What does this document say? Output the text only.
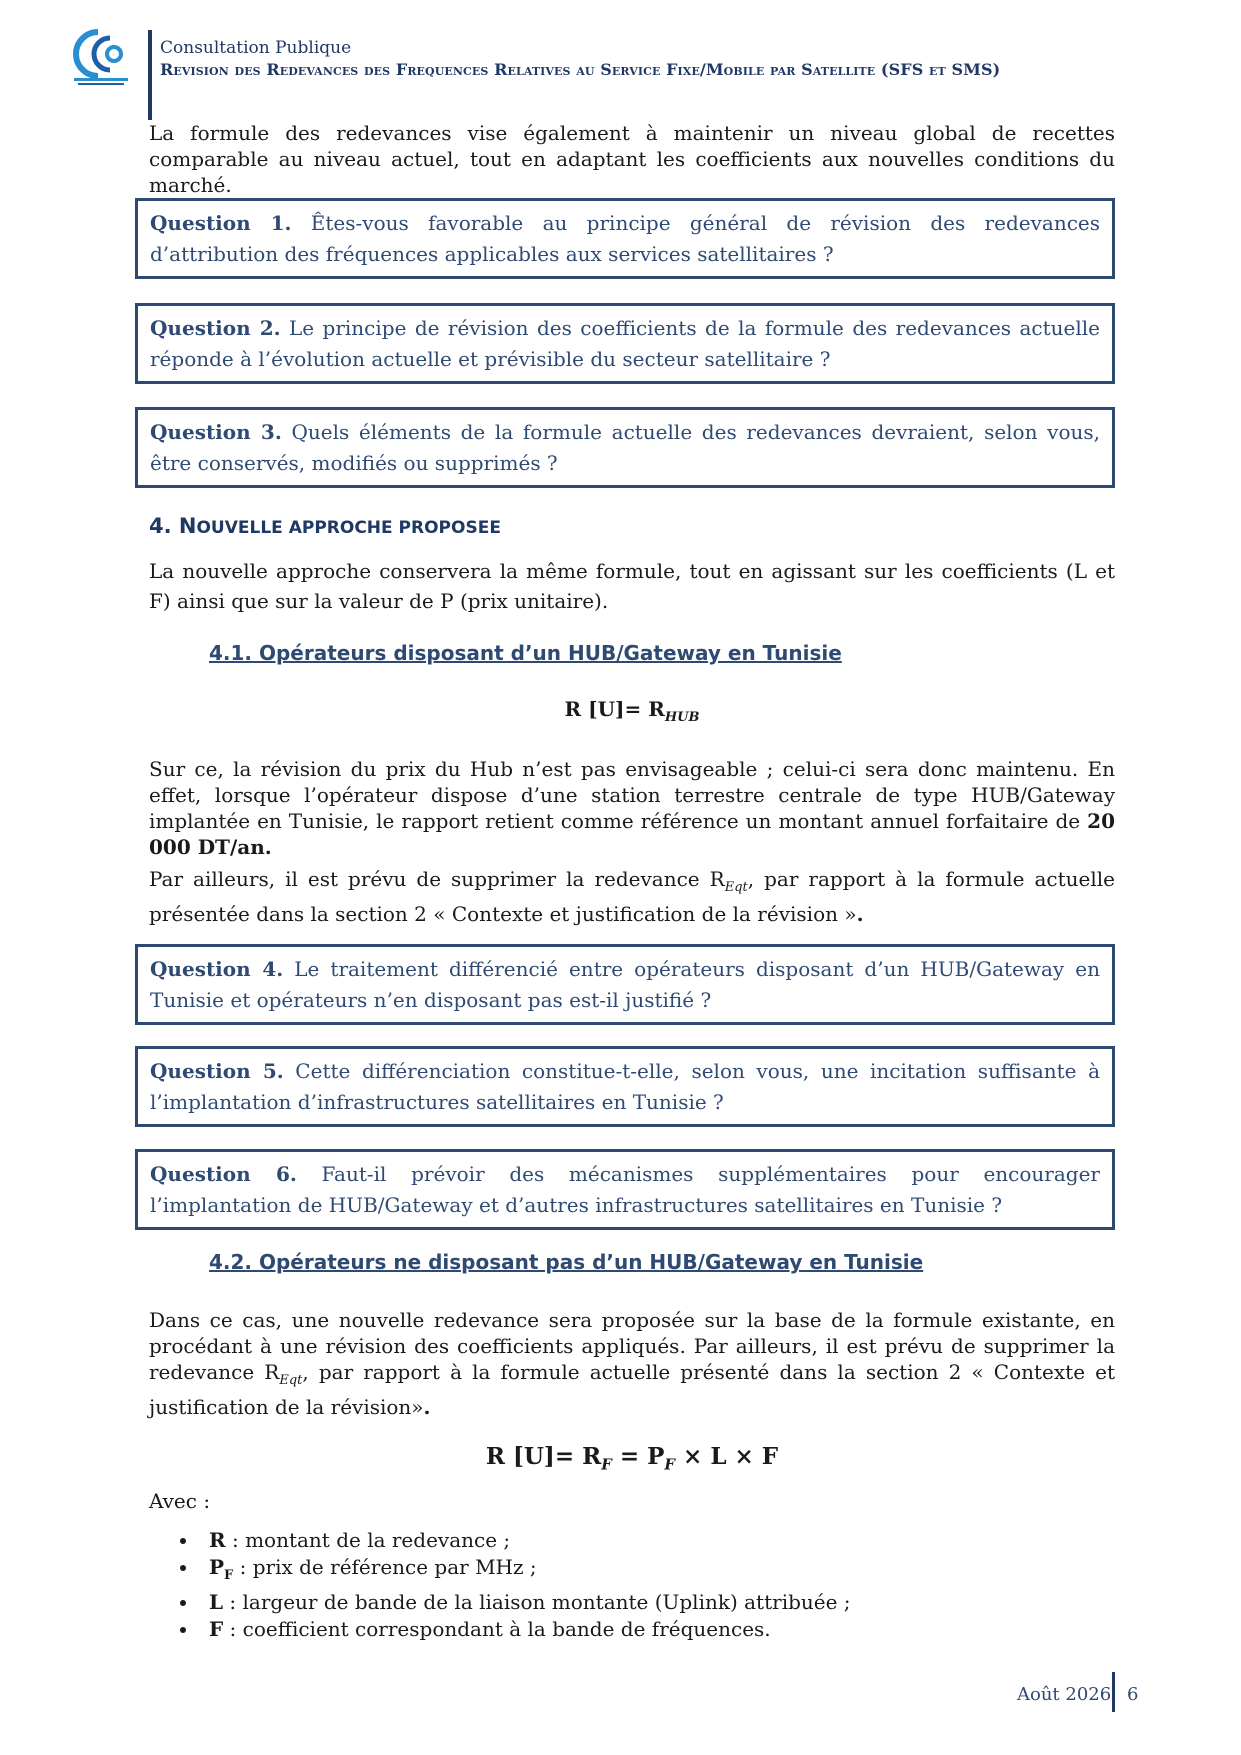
Consultation Publique
Revision des Redevances des Frequences Relatives au Service Fixe/Mobile par Satellite (SFS et SMS)
La formule des redevances vise également à maintenir un niveau global de recettes comparable au niveau actuel, tout en adaptant les coefficients aux nouvelles conditions du marché.
Question 1. Êtes-vous favorable au principe général de révision des redevances d’attribution des fréquences applicables aux services satellitaires ?
Question 2. Le principe de révision des coefficients de la formule des redevances actuelle réponde à l’évolution actuelle et prévisible du secteur satellitaire ?
Question 3. Quels éléments de la formule actuelle des redevances devraient, selon vous, être conservés, modifiés ou supprimés ?
4. NOUVELLE APPROCHE PROPOSEE
La nouvelle approche conservera la même formule, tout en agissant sur les coefficients (L et F) ainsi que sur la valeur de P (prix unitaire).
4.1. Opérateurs disposant d’un HUB/Gateway en Tunisie
R $[U]= R_{HUB}$
Sur ce, la révision du prix du Hub n’est pas envisageable ; celui-ci sera donc maintenu. En effet, lorsque l’opérateur dispose d’une station terrestre centrale de type HUB/Gateway implantée en Tunisie, le rapport retient comme référence un montant annuel forfaitaire de 20 000 DT/an.
Par ailleurs, il est prévu de supprimer la redevance $R_{Eqt}$, par rapport à la formule actuelle présentée dans la section 2 « Contexte et justification de la révision ».
Question 4. Le traitement différencié entre opérateurs disposant d’un HUB/Gateway en Tunisie et opérateurs n’en disposant pas est-il justifié ?
Question 5. Cette différenciation constitue-t-elle, selon vous, une incitation suffisante à l’implantation d’infrastructures satellitaires en Tunisie ?
Question 6. Faut-il prévoir des mécanismes supplémentaires pour encourager l’implantation de HUB/Gateway et d’autres infrastructures satellitaires en Tunisie ?
4.2. Opérateurs ne disposant pas d’un HUB/Gateway en Tunisie
Dans ce cas, une nouvelle redevance sera proposée sur la base de la formule existante, en procédant à une révision des coefficients appliqués. Par ailleurs, il est prévu de supprimer la redevance $R_{Eqt}$, par rapport à la formule actuelle présenté dans la section 2 « Contexte et justification de la révision».
R $[U]= R_F = P_F \times L \times F$
Avec :
• R : montant de la redevance ;
• $P_F$ : prix de référence par MHz ;
• L : largeur de bande de la liaison montante (Uplink) attribuée ;
• F : coefficient correspondant à la bande de fréquences.
Août 2026 6
